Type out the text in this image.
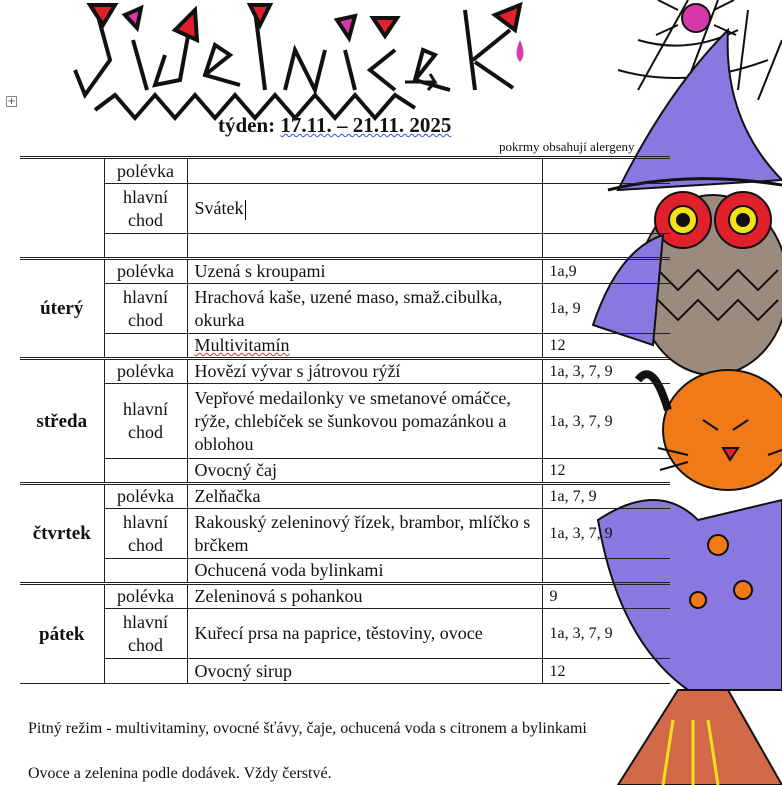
+
týden: 17.11. – 21.11. 2025
pokrmy obsahují alergeny
	polévka		
	hlavní chod	Svátek	

úterý	polévka	Uzená s kroupami	1a,9
	hlavní chod	Hrachová kaše, uzené maso, smaž.cibulka, okurka	1a, 9
		Multivitamín	12
středa	polévka	Hovězí vývar s játrovou rýží	1a, 3, 7, 9
	hlavní chod	Vepřové medailonky ve smetanové omáčce, rýže, chlebíček se šunkovou pomazánkou a oblohou	1a, 3, 7, 9
		Ovocný čaj	12
čtvrtek	polévka	Zelňačka	1a, 7, 9
	hlavní chod	Rakouský zeleninový řízek, brambor, mlíčko s brčkem	1a, 3, 7, 9
		Ochucená voda bylinkami	
pátek	polévka	Zeleninová s pohankou	9
	hlavní chod	Kuřecí prsa na paprice, těstoviny, ovoce	1a, 3, 7, 9
		Ovocný sirup	12
Pitný režim - multivitaminy, ovocné šťávy, čaje, ochucená voda s citronem a bylinkami
Ovoce a zelenina podle dodávek. Vždy čerstvé.
